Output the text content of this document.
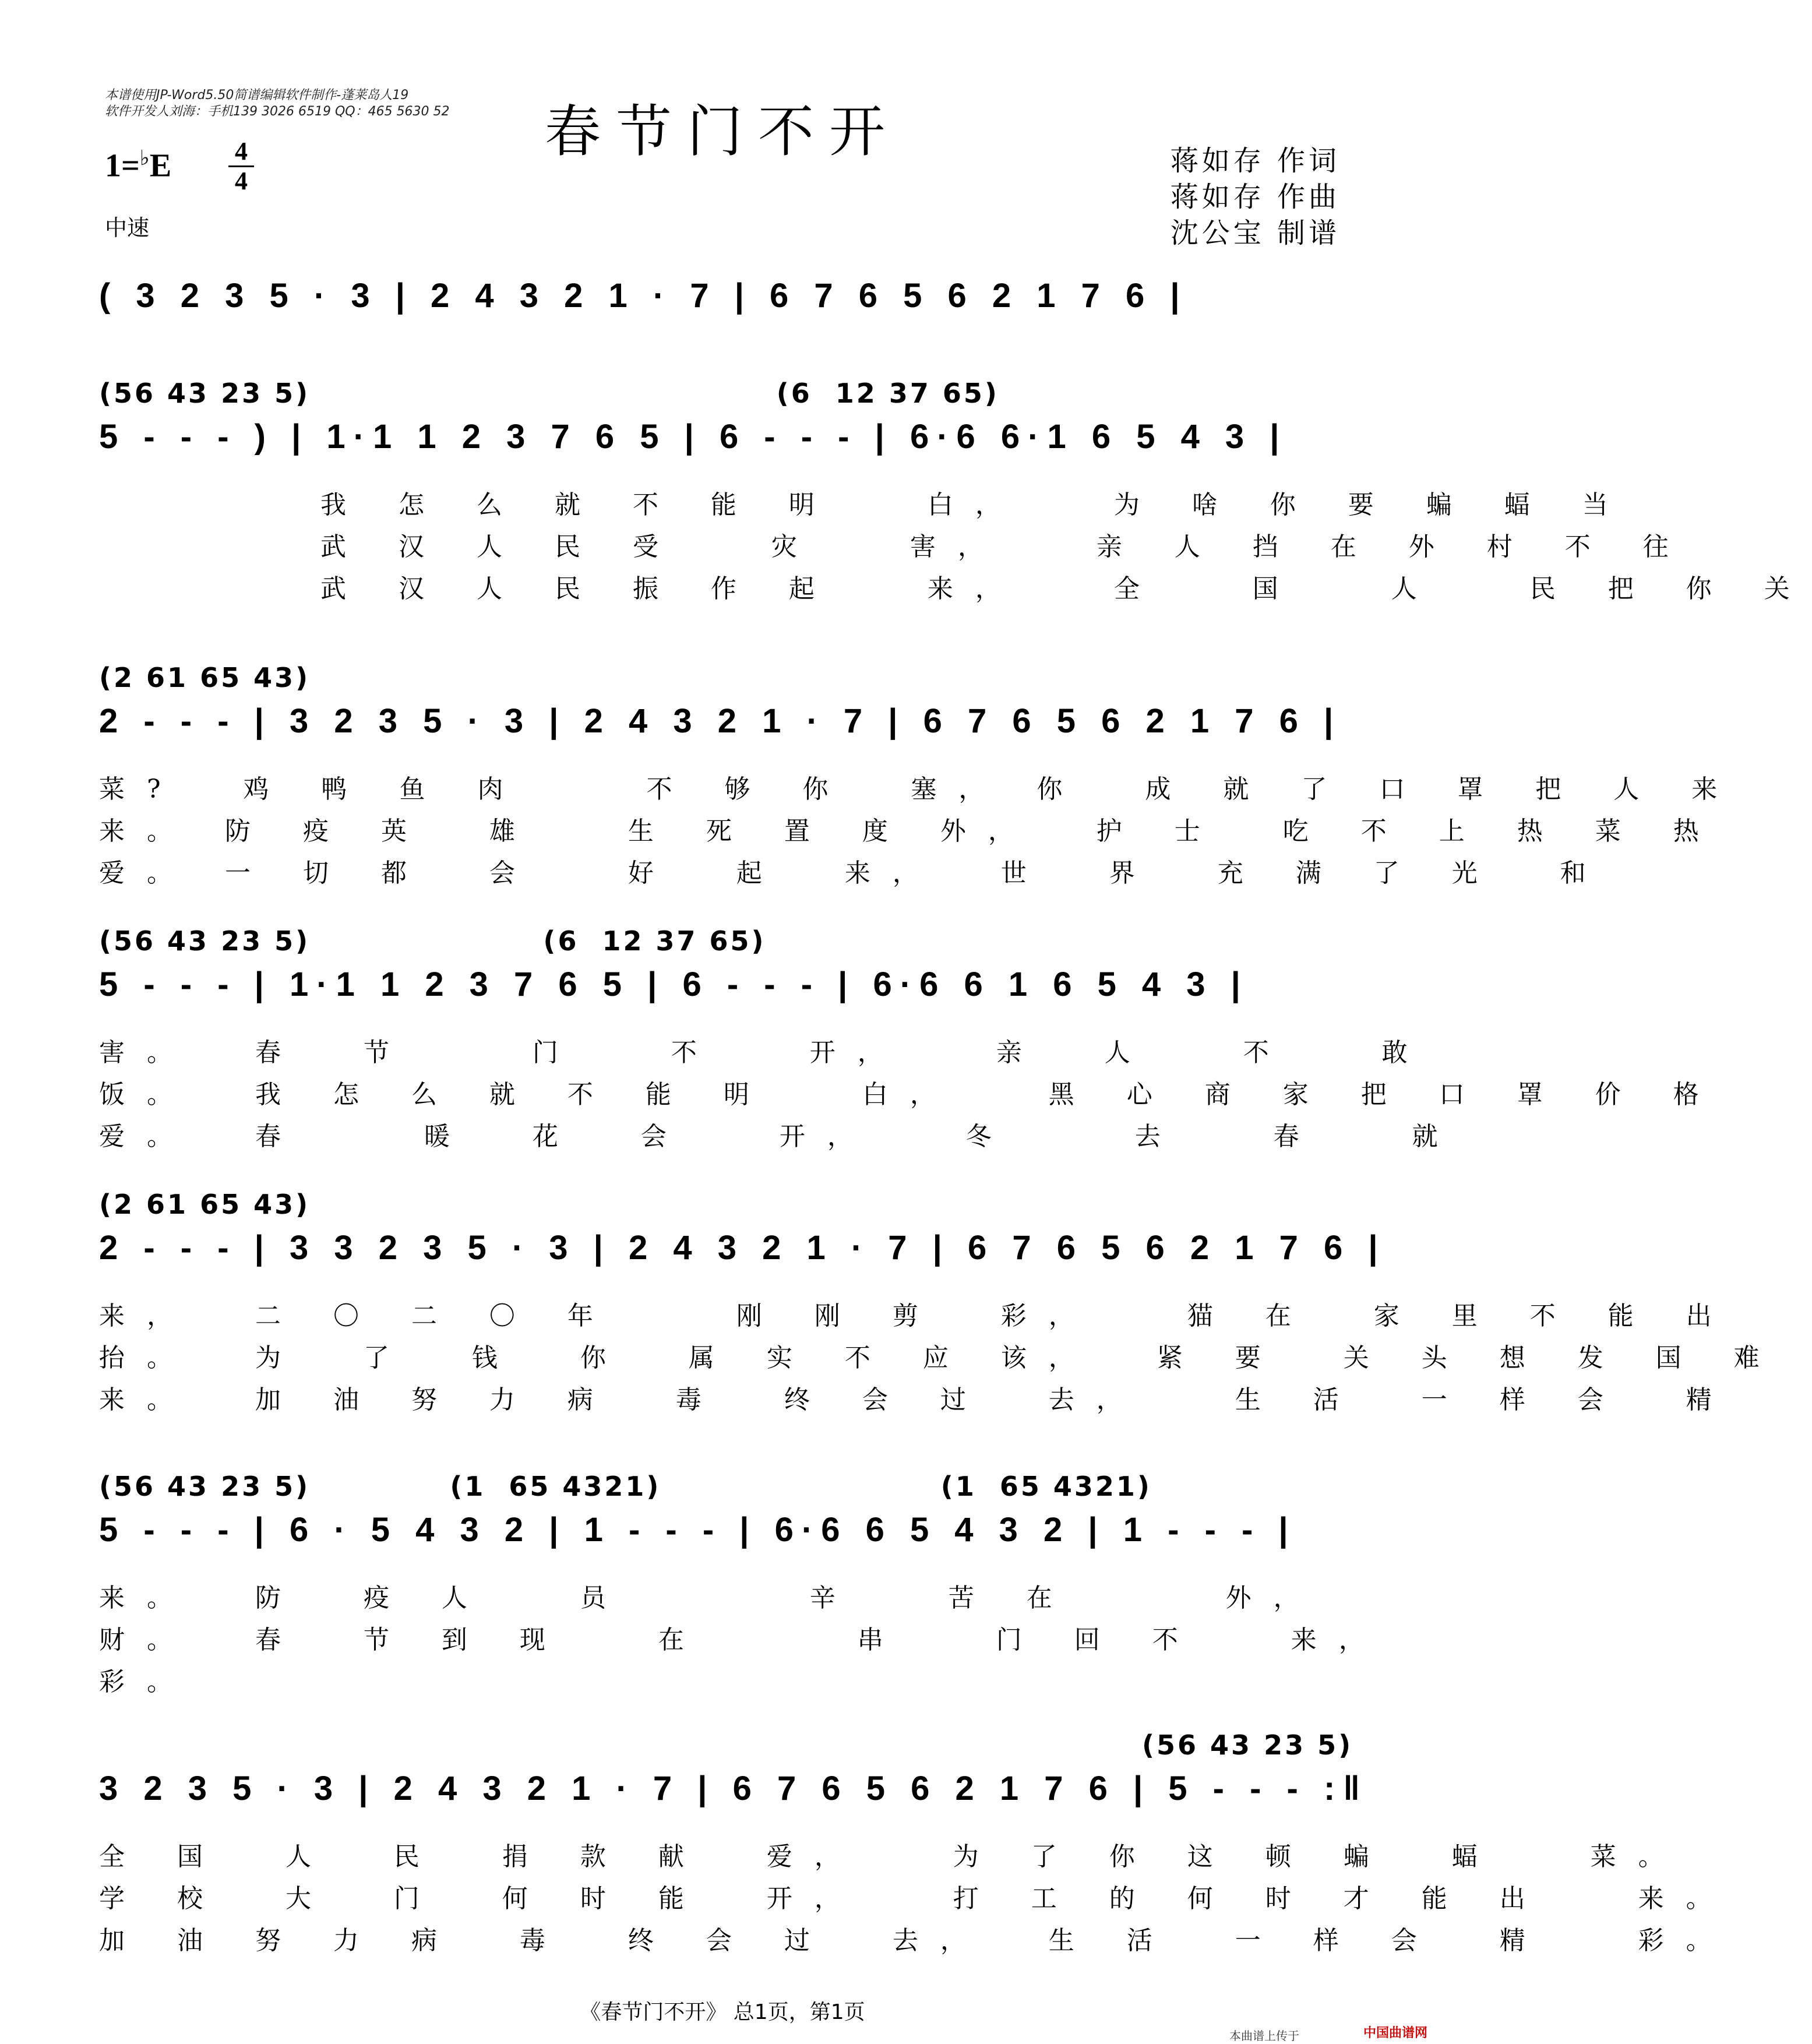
本谱使用JP-Word5.50简谱编辑软件制作-蓬莱岛人19
软件开发人刘海：手机139 3026 6519 QQ：465 5630 52	春节门不开
1=♭E 4
4
中速
蒋如存 作词
蒋如存 作曲
沈公宝 制谱
( 3 2 3 5 · 3 | 2 4 3 2 1 · 7 | 6 7 6 5 6 2 1 7 6 |
(56 43 23 5)                                        (6  12 37 65)
5 - - - ) | 1·1 1 2 3 7 6 5 | 6 - - - | 6·6 6·1 6 5 4 3 |
我 怎 么 就 不 能 明   白，   为 啥 你 要 蝙 蝠 当
武 汉 人 民 受   灾   害，   亲 人 挡 在 外 村 不 往
武 汉 人 民 振 作 起   来，   全   国   人   民 把 你 关
(2 61 65 43)
2 - - - | 3 2 3 5 · 3 | 2 4 3 2 1 · 7 | 6 7 6 5 6 2 1 7 6 |
菜?  鸡 鸭 鱼 肉    不 够 你  塞， 你  成 就 了 口 罩 把 人 来
来。 防 疫 英  雄   生 死 置 度 外，  护 士  吃 不 上 热 菜 热
爱。 一 切 都  会   好  起  来，  世  界  充 满 了 光  和
(56 43 23 5)                    (6  12 37 65)
5 - - - | 1·1 1 2 3 7 6 5 | 6 - - - | 6·6 6 1 6 5 4 3 |
害。  春  节    门   不   开，   亲  人   不   敢
饭。  我 怎 么 就 不 能 明   白，   黑 心 商 家 把 口 罩 价 格
爱。  春    暖  花  会   开，   冬    去   春   就
(2 61 65 43)
2 - - - | 3 3 2 3 5 · 3 | 2 4 3 2 1 · 7 | 6 7 6 5 6 2 1 7 6 |
来，  二 〇 二 〇 年    刚 刚 剪  彩，   猫 在  家 里 不 能 出
抬。  为  了  钱  你  属 实 不 应 该，  紧 要  关 头 想 发 国 难
来。  加 油 努 力 病  毒  终 会 过  去，   生 活  一 样 会  精
(56 43 23 5)            (1  65 4321)                        (1  65 4321)
5 - - - | 6 · 5 4 3 2 | 1 - - - | 6·6 6 5 4 3 2 | 1 - - - |
来。  防  疫 人   员      辛   苦 在     外，
财。  春  节 到 现   在     串   门 回 不   来，
彩。
(56 43 23 5)
3 2 3 5 · 3 | 2 4 3 2 1 · 7 | 6 7 6 5 6 2 1 7 6 | 5 - - - :‖
全 国  人  民  捐 款 献  爱，   为 了 你 这 顿 蝙  蝠   菜。
学 校  大  门  何 时 能  开，   打 工 的 何 时 才 能 出   来。
加 油 努 力 病  毒  终 会 过  去，  生 活  一 样 会  精   彩。
《春节门不开》 总1页，第1页
本曲谱上传于	中国曲谱网
